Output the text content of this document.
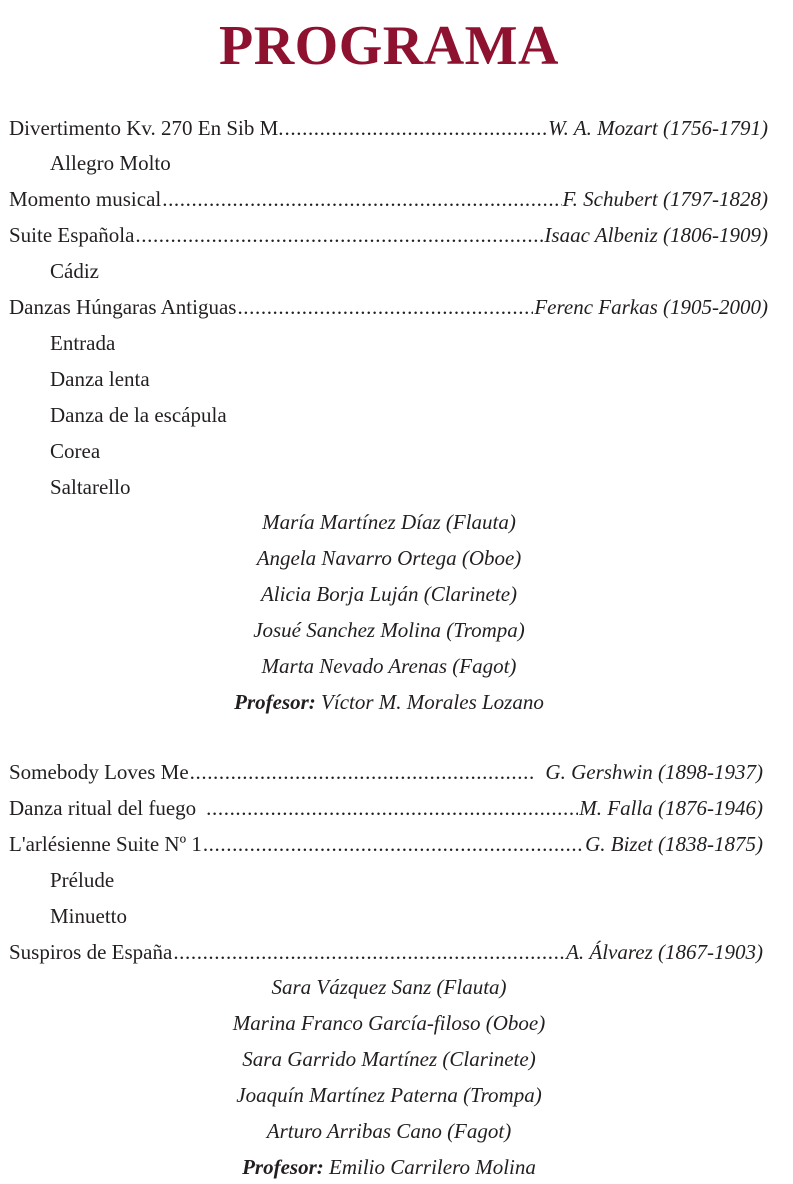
PROGRAMA
Divertimento Kv. 270 En Sib M. .....	W. A. Mozart (1756-1791)
Allegro Molto
Momento musical .....	F. Schubert (1797-1828)
Suite Española .....	Isaac Albeniz (1806-1909)
Cádiz
Danzas Húngaras Antiguas .....	Ferenc Farkas (1905-2000)
Entrada
Danza lenta
Danza de la escápula
Corea
Saltarello
María Martínez Díaz (Flauta)
Angela Navarro Ortega (Oboe)
Alicia Borja Luján (Clarinete)
Josué Sanchez Molina (Trompa)
Marta Nevado Arenas (Fagot)
Profesor: Víctor M. Morales Lozano
Somebody Loves Me .....	G. Gershwin (1898-1937)
Danza ritual del fuego .....	M. Falla (1876-1946)
L'arlésienne Suite Nº 1 .....	G. Bizet (1838-1875)
Prélude
Minuetto
Suspiros de España .....	A. Álvarez (1867-1903)
Sara Vázquez Sanz (Flauta)
Marina Franco García-filoso (Oboe)
Sara Garrido Martínez (Clarinete)
Joaquín Martínez Paterna (Trompa)
Arturo Arribas Cano (Fagot)
Profesor: Emilio Carrilero Molina
